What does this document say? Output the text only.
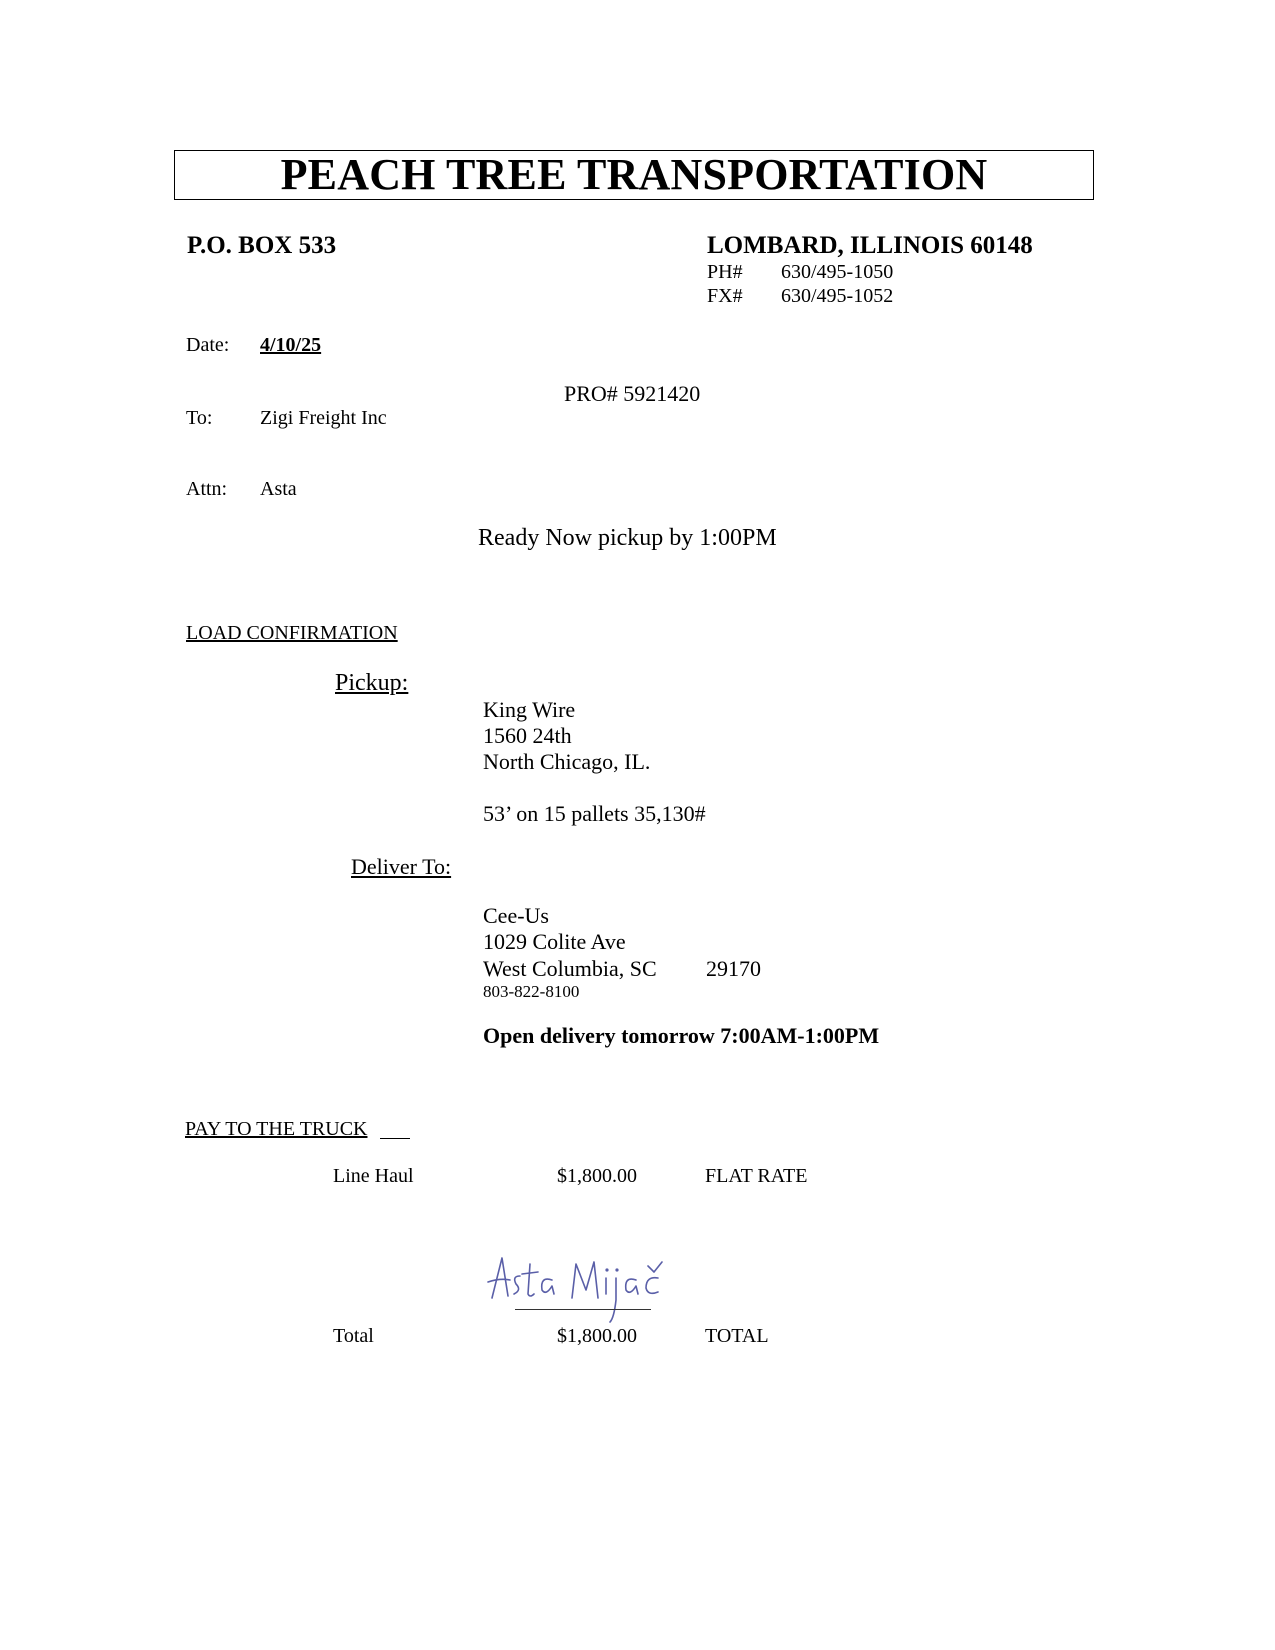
PEACH TREE TRANSPORTATION
P.O. BOX 533	LOMBARD, ILLINOIS 60148
PH# 630/495-1050
FX# 630/495-1052
Date: 4/10/25
PRO# 5921420
To: Zigi Freight Inc
Attn: Asta
Ready Now pickup by 1:00PM
LOAD CONFIRMATION
Pickup:
King Wire
1560 24th
North Chicago, IL.
53’ on 15 pallets 35,130#
Deliver To:
Cee-Us
1029 Colite Ave
West Columbia, SC 29170
803-822-8100
Open delivery tomorrow 7:00AM-1:00PM
PAY TO THE TRUCK
Line Haul	$1,800.00	FLAT RATE
Total	$1,800.00	TOTAL
